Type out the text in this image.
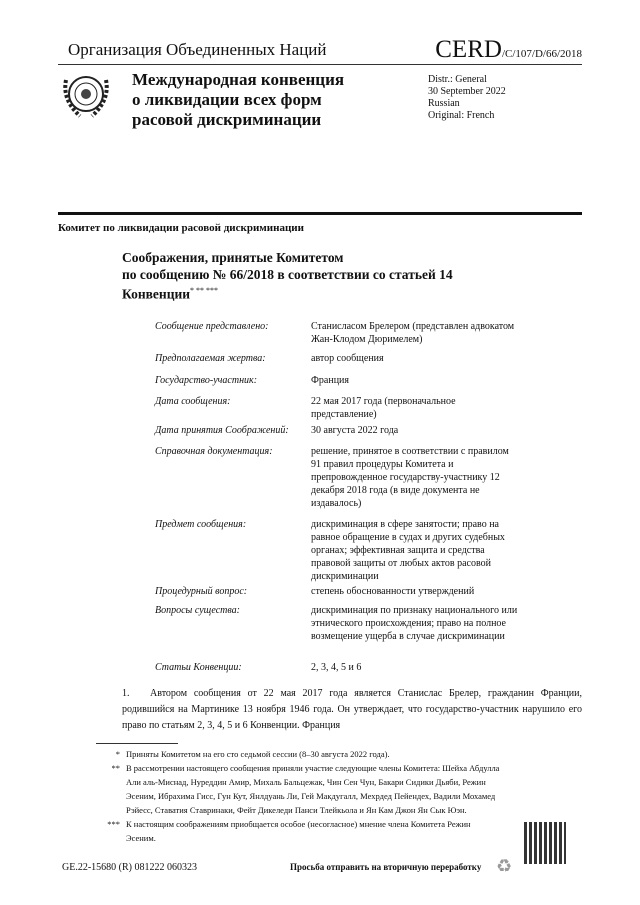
Организация Объединенных Наций	CERD/C/107/D/66/2018
Международная конвенция
о ликвидации всех форм
расовой дискриминации
Distr.: General
30 September 2022
Russian
Original: French
Комитет по ликвидации расовой дискриминации
Соображения, принятые Комитетом
по сообщению № 66/2018 в соответствии со статьей 14
Конвенции* ** ***
Сообщение представлено:	Станисласом Брелером (представлен адвокатом Жан-Клодом Дюримелем)
Предполагаемая жертва:	автор сообщения
Государство-участник:	Франция
Дата сообщения:	22 мая 2017 года (первоначальное представление)
Дата принятия Соображений:	30 августа 2022 года
Справочная документация:	решение, принятое в соответствии с правилом 91 правил процедуры Комитета и препровожденное государству-участнику 12 декабря 2018 года (в виде документа не издавалось)
Предмет сообщения:	дискриминация в сфере занятости; право на равное обращение в судах и других судебных органах; эффективная защита и средства правовой защиты от любых актов расовой дискриминации
Процедурный вопрос:	степень обоснованности утверждений
Вопросы существа:	дискриминация по признаку национального или этнического происхождения; право на полное возмещение ущерба в случае дискриминации
Статьи Конвенции:	2, 3, 4, 5 и 6
1. Автором сообщения от 22 мая 2017 года является Станислас Брелер, гражданин Франции, родившийся на Мартинике 13 ноября 1946 года. Он утверждает, что государство-участник нарушило его право по статьям 2, 3, 4, 5 и 6 Конвенции. Франция
* Приняты Комитетом на его сто седьмой сессии (8–30 августа 2022 года).
** В рассмотрении настоящего сообщения приняли участие следующие члены Комитета: Шейха Абдулла Али аль-Миснад, Нуреддин Амир, Михаль Бальцежак, Чин Сен Чун, Бакари Сидики Дьяби, Режин Эсеним, Ибрахима Гисс, Гун Кут, Янлдуань Ли, Гей Макдугалл, Мехрдед Пейендех, Вадили Мохамед Рэйесс, Ставатия Ставринаки, Фейт Дикеледи Панси Тлейкьола и Ян Кам Джон Ян Сык Юэн.
*** К настоящим соображениям приобщается особое (несогласное) мнение члена Комитета Режин Эсеним.
GE.22-15680 (R) 081222 060323	Просьба отправить на вторичную переработку ♻
